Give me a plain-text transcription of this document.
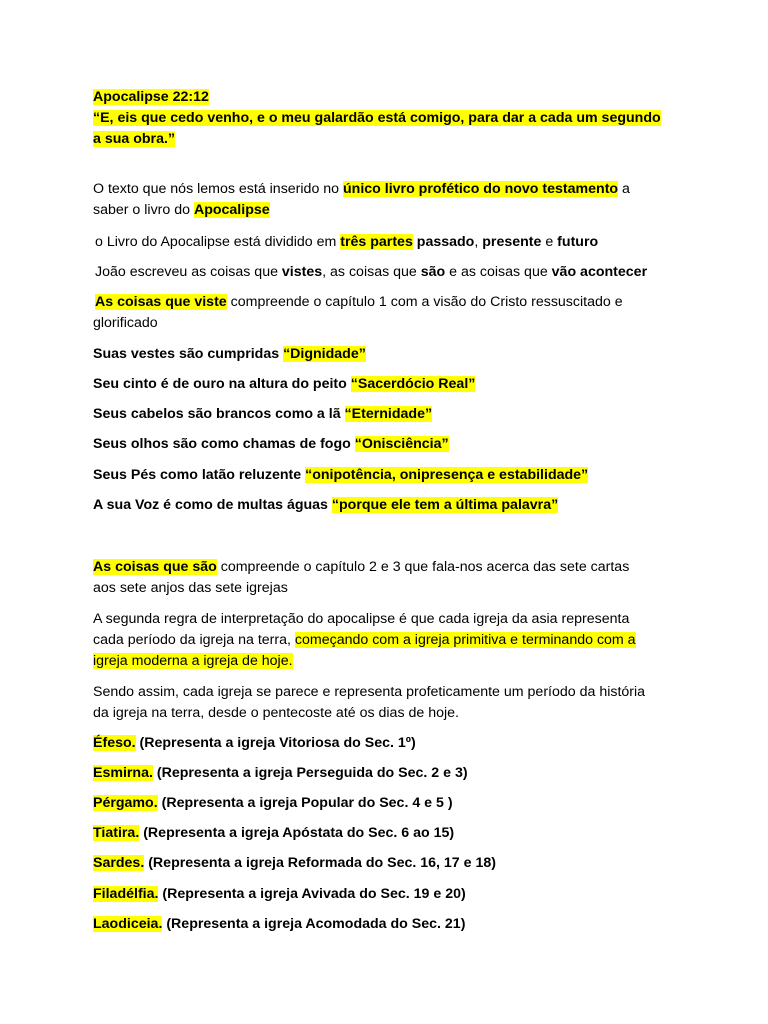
Apocalipse 22:12
“E, eis que cedo venho, e o meu galardão está comigo, para dar a cada um segundo
a sua obra.”
O texto que nós lemos está inserido no único livro profético do novo testamento a
saber o livro do Apocalipse
o Livro do Apocalipse está dividido em três partes passado, presente e futuro
João escreveu as coisas que vistes, as coisas que são e as coisas que vão acontecer
As coisas que viste compreende o capítulo 1 com a visão do Cristo ressuscitado e
glorificado
Suas vestes são cumpridas “Dignidade”
Seu cinto é de ouro na altura do peito “Sacerdócio Real”
Seus cabelos são brancos como a lã “Eternidade”
Seus olhos são como chamas de fogo “Onisciência”
Seus Pés como latão reluzente “onipotência, onipresença e estabilidade”
A sua Voz é como de multas águas “porque ele tem a última palavra”
As coisas que são compreende o capítulo 2 e 3 que fala-nos acerca das sete cartas
aos sete anjos das sete igrejas
A segunda regra de interpretação do apocalipse é que cada igreja da asia representa
cada período da igreja na terra, começando com a igreja primitiva e terminando com a
igreja moderna a igreja de hoje.
Sendo assim, cada igreja se parece e representa profeticamente um período da história
da igreja na terra, desde o pentecoste até os dias de hoje.
Éfeso. (Representa a igreja Vitoriosa do Sec. 1º)
Esmirna. (Representa a igreja Perseguida do Sec. 2 e 3)
Pérgamo. (Representa a igreja Popular do Sec. 4 e 5 )
Tiatira. (Representa a igreja Apóstata do Sec. 6 ao 15)
Sardes. (Representa a igreja Reformada do Sec. 16, 17 e 18)
Filadélfia. (Representa a igreja Avivada do Sec. 19 e 20)
Laodiceia. (Representa a igreja Acomodada do Sec. 21)
